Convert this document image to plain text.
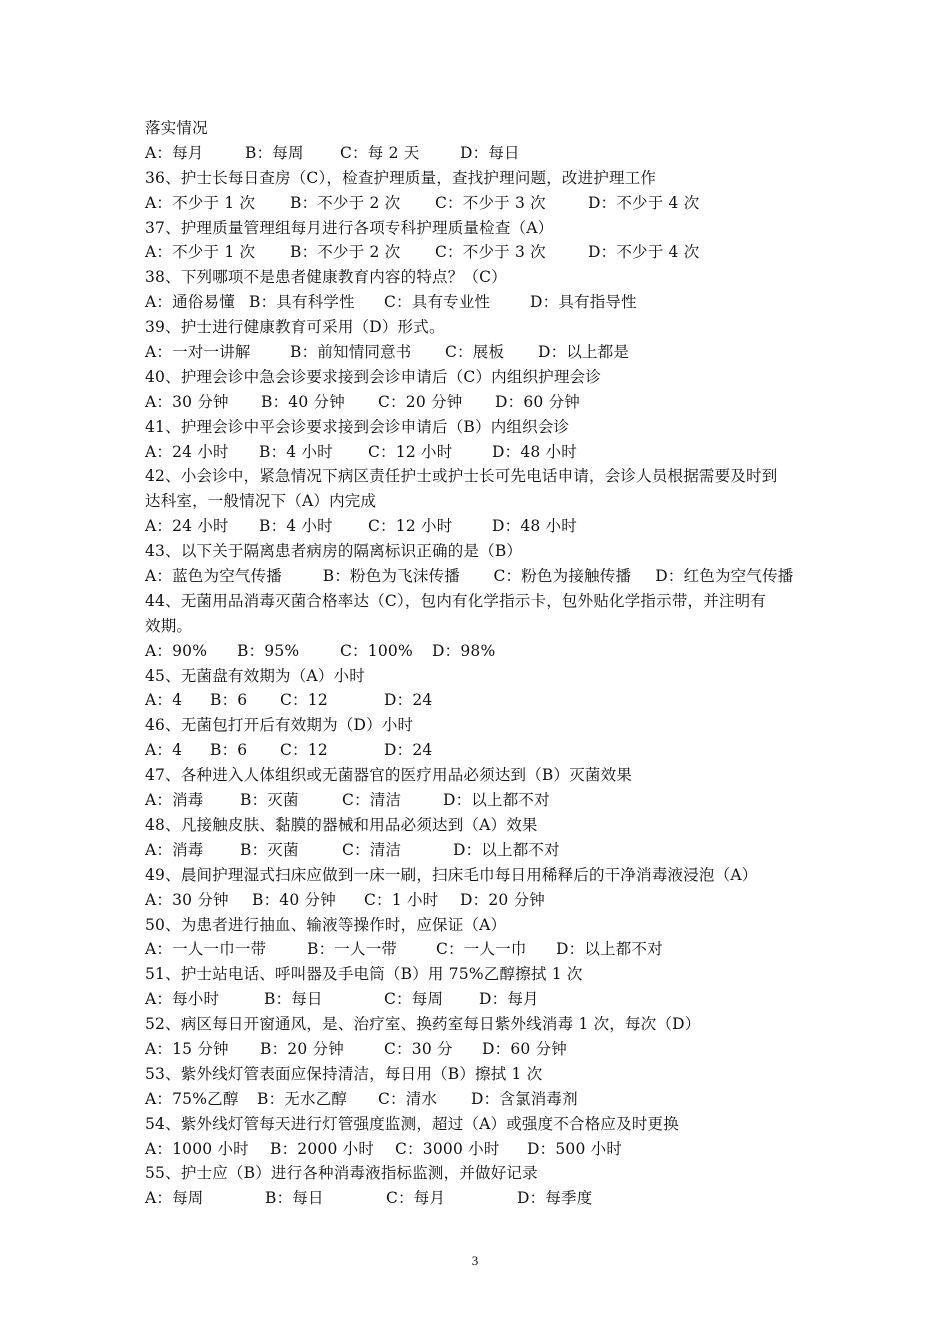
落实情况
A：每月	B：每周	C：每 2 天	D：每日
36、护士长每日查房（C），检查护理质量，查找护理问题，改进护理工作
A：不少于 1 次	B：不少于 2 次	C：不少于 3 次	D：不少于 4 次
37、护理质量管理组每月进行各项专科护理质量检查（A）
A：不少于 1 次	B：不少于 2 次	C：不少于 3 次	D：不少于 4 次
38、下列哪项不是患者健康教育内容的特点？（C）
A：通俗易懂 B：具有科学性	C：具有专业性	D：具有指导性
39、护士进行健康教育可采用（D）形式。
A：一对一讲解	B：前知情同意书	C：展板	D：以上都是
40、护理会诊中急会诊要求接到会诊申请后（C）内组织护理会诊
A：30 分钟	B：40 分钟	C：20 分钟	D：60 分钟
41、护理会诊中平会诊要求接到会诊申请后（B）内组织会诊
A：24 小时	B：4 小时	C：12 小时	D：48 小时
42、小会诊中，紧急情况下病区责任护士或护士长可先电话申请，会诊人员根据需要及时到
达科室，一般情况下（A）内完成
A：24 小时	B：4 小时	C：12 小时	D：48 小时
43、以下关于隔离患者病房的隔离标识正确的是（B）
A：蓝色为空气传播	B：粉色为飞沫传播	C：粉色为接触传播	D：红色为空气传播
44、无菌用品消毒灭菌合格率达（C），包内有化学指示卡，包外贴化学指示带，并注明有
效期。
A：90%	B：95%	C：100%	D：98%
45、无菌盘有效期为（A）小时
A：4	B：6	C：12	D：24
46、无菌包打开后有效期为（D）小时
A：4	B：6	C：12	D：24
47、各种进入人体组织或无菌器官的医疗用品必须达到（B）灭菌效果
A：消毒	B：灭菌	C：清洁	D：以上都不对
48、凡接触皮肤、黏膜的器械和用品必须达到（A）效果
A：消毒	B：灭菌	C：清洁	D：以上都不对
49、晨间护理湿式扫床应做到一床一刷，扫床毛巾每日用稀释后的干净消毒液浸泡（A）
A：30 分钟	B：40 分钟	C：1 小时	D：20 分钟
50、为患者进行抽血、输液等操作时，应保证（A）
A：一人一巾一带	B：一人一带	C：一人一巾	D：以上都不对
51、护士站电话、呼叫器及手电筒（B）用 75%乙醇擦拭 1 次
A：每小时	B：每日	C：每周	D：每月
52、病区每日开窗通风，是、治疗室、换药室每日紫外线消毒 1 次，每次（D）
A：15 分钟	B：20 分钟	C：30 分	D：60 分钟
53、紫外线灯管表面应保持清洁，每日用（B）擦拭 1 次
A：75%乙醇	B：无水乙醇	C：清水	D：含氯消毒剂
54、紫外线灯管每天进行灯管强度监测，超过（A）或强度不合格应及时更换
A：1000 小时	B：2000 小时	C：3000 小时	D：500 小时
55、护士应（B）进行各种消毒液指标监测，并做好记录
A：每周	B：每日	C：每月	D：每季度
3
